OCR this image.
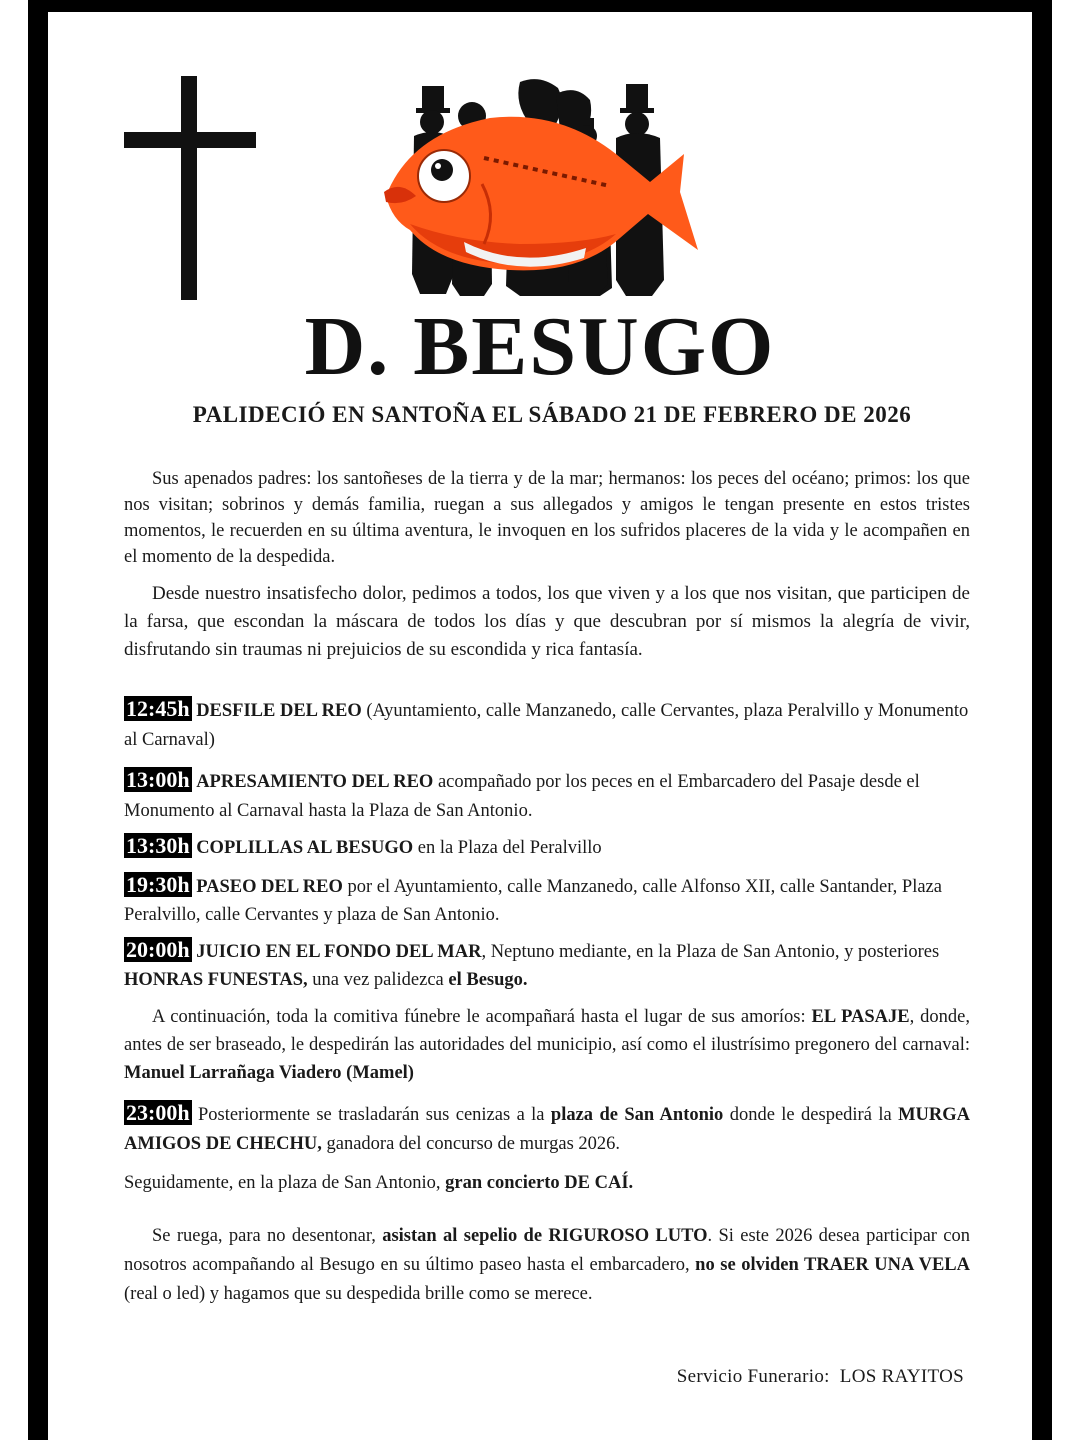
D. BESUGO
PALIDECIÓ EN SANTOÑA EL SÁBADO 21 DE FEBRERO DE 2026

Sus apenados padres: los santoñeses de la tierra y de la mar; hermanos: los peces del océano; primos: los que nos visitan; sobrinos y demás familia, ruegan a sus allegados y amigos le tengan presente en estos tristes momentos, le recuerden en su última aventura, le invoquen en los sufridos placeres de la vida y le acompañen en el momento de la despedida.

Desde nuestro insatisfecho dolor, pedimos a todos, los que viven y a los que nos visitan, que participen de la farsa, que escondan la máscara de todos los días y que descubran por sí mismos la alegría de vivir, disfrutando sin traumas ni prejuicios de su escondida y rica fantasía.

12:45h DESFILE DEL REO (Ayuntamiento, calle Manzanedo, calle Cervantes, plaza Peralvillo y Monumento al Carnaval)
13:00h APRESAMIENTO DEL REO acompañado por los peces en el Embarcadero del Pasaje desde el Monumento al Carnaval hasta la Plaza de San Antonio.
13:30h COPLILLAS AL BESUGO en la Plaza del Peralvillo
19:30h PASEO DEL REO por el Ayuntamiento, calle Manzanedo, calle Alfonso XII, calle Santander, Plaza Peralvillo, calle Cervantes y plaza de San Antonio.
20:00h JUICIO EN EL FONDO DEL MAR, Neptuno mediante, en la Plaza de San Antonio, y posteriores HONRAS FUNESTAS, una vez palidezca el Besugo.
A continuación, toda la comitiva fúnebre le acompañará hasta el lugar de sus amoríos: EL PASAJE, donde, antes de ser braseado, le despedirán las autoridades del municipio, así como el ilustrísimo pregonero del carnaval: Manuel Larrañaga Viadero (Mamel)
23:00h Posteriormente se trasladarán sus cenizas a la plaza de San Antonio donde le despedirá la MURGA AMIGOS DE CHECHU, ganadora del concurso de murgas 2026.
Seguidamente, en la plaza de San Antonio, gran concierto DE CAÍ.
Se ruega, para no desentonar, asistan al sepelio de RIGUROSO LUTO. Si este 2026 desea participar con nosotros acompañando al Besugo en su último paseo hasta el embarcadero, no se olviden TRAER UNA VELA (real o led) y hagamos que su despedida brille como se merece.
Servicio Funerario:  LOS RAYITOS
